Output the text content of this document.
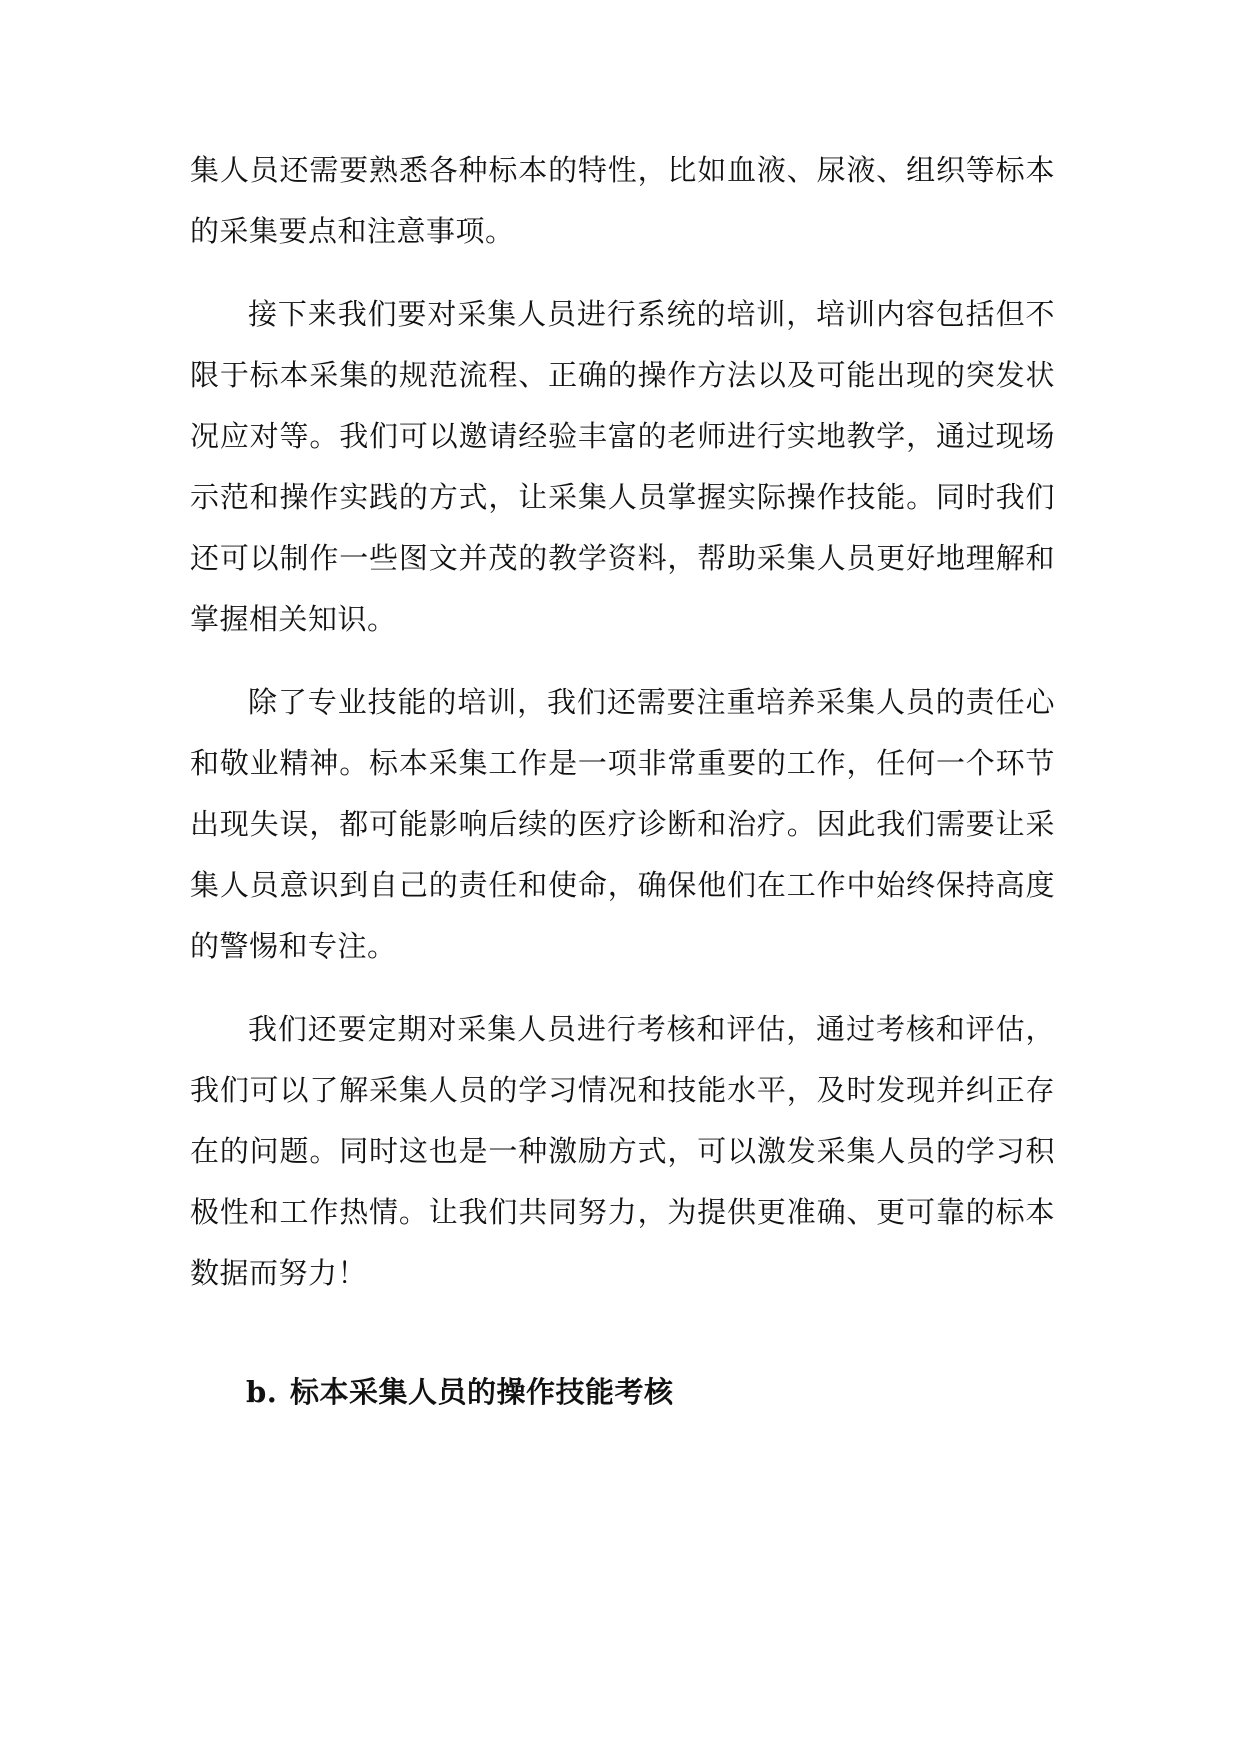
集人员还需要熟悉各种标本的特性，比如血液、尿液、组织等标本的采集要点和注意事项。

接下来我们要对采集人员进行系统的培训，培训内容包括但不限于标本采集的规范流程、正确的操作方法以及可能出现的突发状况应对等。我们可以邀请经验丰富的老师进行实地教学，通过现场示范和操作实践的方式，让采集人员掌握实际操作技能。同时我们还可以制作一些图文并茂的教学资料，帮助采集人员更好地理解和掌握相关知识。

除了专业技能的培训，我们还需要注重培养采集人员的责任心和敬业精神。标本采集工作是一项非常重要的工作，任何一个环节出现失误，都可能影响后续的医疗诊断和治疗。因此我们需要让采集人员意识到自己的责任和使命，确保他们在工作中始终保持高度的警惕和专注。

我们还要定期对采集人员进行考核和评估，通过考核和评估，我们可以了解采集人员的学习情况和技能水平，及时发现并纠正存在的问题。同时这也是一种激励方式，可以激发采集人员的学习积极性和工作热情。让我们共同努力，为提供更准确、更可靠的标本数据而努力！

b. 标本采集人员的操作技能考核
